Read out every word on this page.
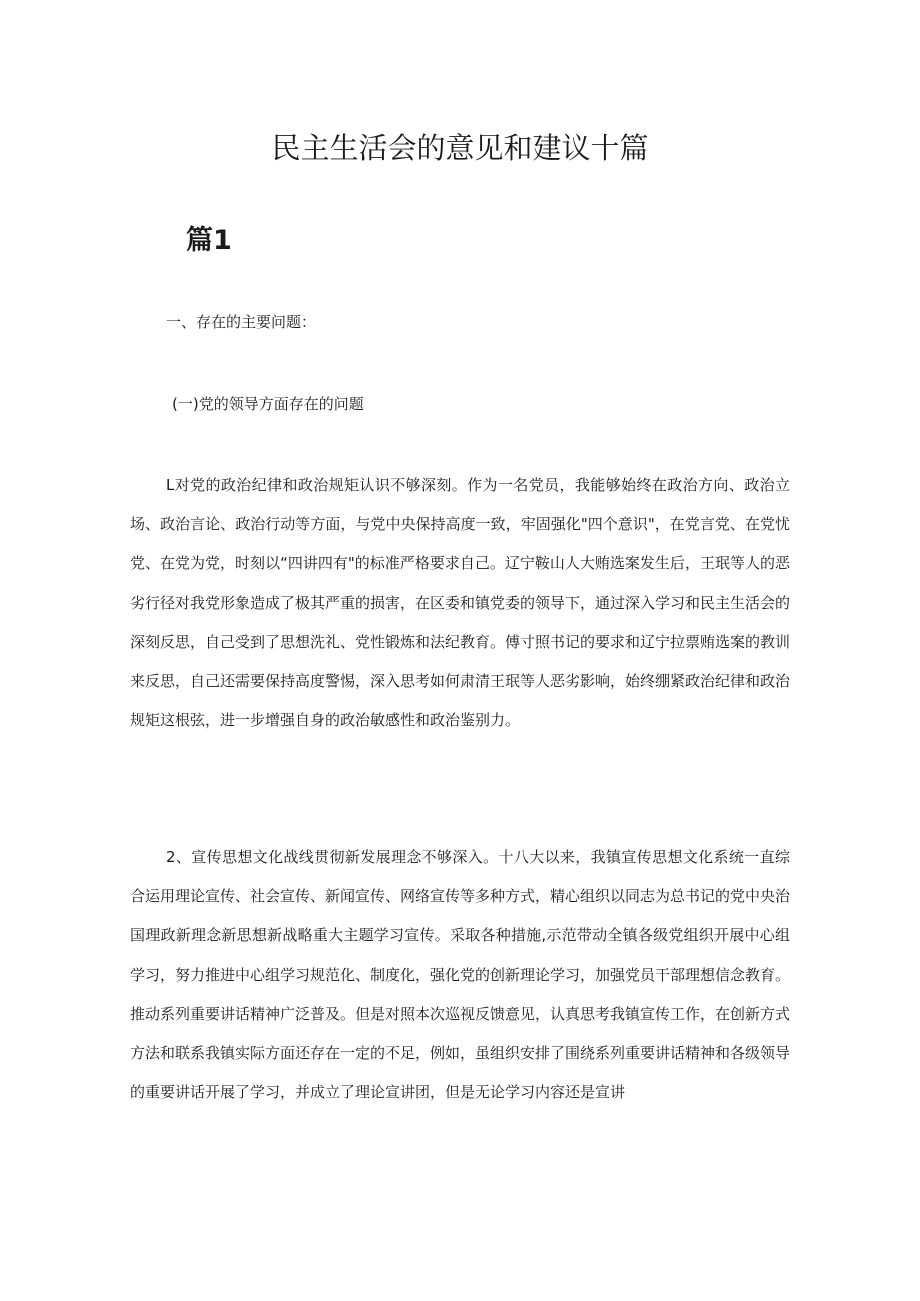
民主生活会的意见和建议十篇
篇1

一、存在的主要问题：

(一)党的领导方面存在的问题

L对党的政治纪律和政治规矩认识不够深刻。作为一名党员，我能够始终在政治方向、政治立场、政治言论、政治行动等方面，与党中央保持高度一致，牢固强化"四个意识"，在党言党、在党忧党、在党为党，时刻以“四讲四有"的标准严格要求自己。辽宁鞍山人大贿选案发生后，王珉等人的恶劣行径对我党形象造成了极其严重的损害，在区委和镇党委的领导下，通过深入学习和民主生活会的深刻反思，自己受到了思想洗礼、党性锻炼和法纪教育。傅寸照书记的要求和辽宁拉票贿选案的教训来反思，自己还需要保持高度警惕，深入思考如何肃清王珉等人恶劣影响，始终绷紧政治纪律和政治规矩这根弦，进一步增强自身的政治敏感性和政治鉴别力。

2、宣传思想文化战线贯彻新发展理念不够深入。十八大以来，我镇宣传思想文化系统一直综合运用理论宣传、社会宣传、新闻宣传、网络宣传等多种方式，精心组织以同志为总书记的党中央治国理政新理念新思想新战略重大主题学习宣传。采取各种措施,示范带动全镇各级党组织开展中心组学习，努力推进中心组学习规范化、制度化，强化党的创新理论学习，加强党员干部理想信念教育。推动系列重要讲话精神广泛普及。但是对照本次巡视反馈意见，认真思考我镇宣传工作，在创新方式方法和联系我镇实际方面还存在一定的不足，例如，虽组织安排了围绕系列重要讲话精神和各级领导的重要讲话开展了学习，并成立了理论宣讲团，但是无论学习内容还是宣讲
